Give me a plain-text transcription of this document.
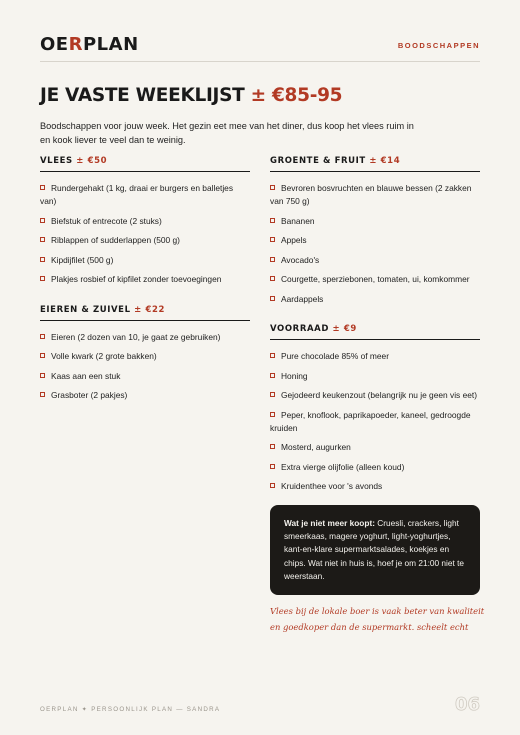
OERPLAN	BOODSCHAPPEN
JE VASTE WEEKLIJST ± €85-95

Boodschappen voor jouw week. Het gezin eet mee van het diner, dus koop het vlees ruim in en kook liever te veel dan te weinig.

VLEES ± €50
Rundergehakt (1 kg, draai er burgers en balletjes van)
Biefstuk of entrecote (2 stuks)
Riblappen of sudderlappen (500 g)
Kipdijfilet (500 g)
Plakjes rosbief of kipfilet zonder toevoegingen
EIEREN & ZUIVEL ± €22
Eieren (2 dozen van 10, je gaat ze gebruiken)
Volle kwark (2 grote bakken)
Kaas aan een stuk
Grasboter (2 pakjes)
GROENTE & FRUIT ± €14
Bevroren bosvruchten en blauwe bessen (2 zakken van 750 g)
Bananen
Appels
Avocado's
Courgette, sperziebonen, tomaten, ui, komkommer
Aardappels
VOORRAAD ± €9
Pure chocolade 85% of meer
Honing
Gejodeerd keukenzout (belangrijk nu je geen vis eet)
Peper, knoflook, paprikapoeder, kaneel, gedroogde kruiden
Mosterd, augurken
Extra vierge olijfolie (alleen koud)
Kruidenthee voor 's avonds
Wat je niet meer koopt: Cruesli, crackers, light smeerkaas, magere yoghurt, light-yoghurtjes, kant-en-klare supermarktsalades, koekjes en chips. Wat niet in huis is, hoef je om 21:00 niet te weerstaan.
Vlees bij de lokale boer is vaak beter van kwaliteit en goedkoper dan de supermarkt. scheelt echt
OERPLAN ✦ PERSOONLIJK PLAN — SANDRA	06
